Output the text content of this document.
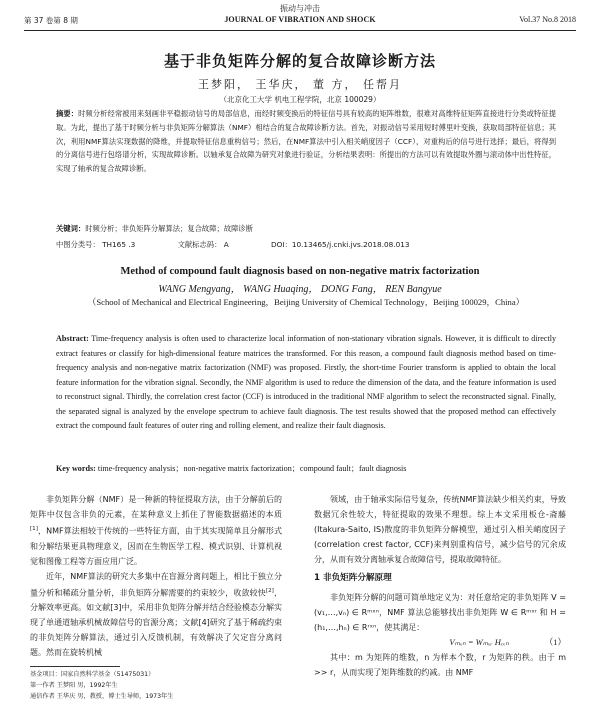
振动与冲击
第 37 卷第 8 期	JOURNAL OF VIBRATION AND SHOCK	Vol.37 No.8 2018
基于非负矩阵分解的复合故障诊断方法
王梦阳， 王华庆， 董 方， 任帮月
（北京化工大学 机电工程学院，北京 100029）
摘要：时频分析经常被用来刻画非平稳振动信号的局部信息，而经时频变换后的特征信号具有较高的矩阵维数，很难对高维特征矩阵直接进行分类或特征提取。为此，提出了基于时频分析与非负矩阵分解算法（NMF）相结合的复合故障诊断方法。首先，对振动信号采用短时傅里叶变换，获取局部特征信息；其次，利用NMF算法实现数据的降维，并提取特征信息重构信号；然后，在NMF算法中引入相关峭度因子（CCF），对重构后的信号进行选择；最后，将得到的分离信号进行包络谱分析，实现故障诊断。以轴承复合故障为研究对象进行验证，分析结果表明：所提出的方法可以有效提取外圈与滚动体中出性特征，实现了轴承的复合故障诊断。
关键词：时频分析；非负矩阵分解算法；复合故障；故障诊断
中图分类号： TH165 .3	文献标志码： A	DOI：10.13465/j.cnki.jvs.2018.08.013
Method of compound fault diagnosis based on non-negative matrix factorization
WANG Mengyang， WANG Huaqing， DONG Fang， REN Bangyue
（School of Mechanical and Electrical Engineering，Beijing University of Chemical Technology，Beijing 100029，China）
Abstract: Time-frequency analysis is often used to characterize local information of non-stationary vibration signals. However, it is difficult to directly extract features or classify for high-dimensional feature matrices the transformed. For this reason, a compound fault diagnosis method based on time-frequency analysis and non-negative matrix factorization (NMF) was proposed. Firstly, the short-time Fourier transform is applied to obtain the local feature information for the vibration signal. Secondly, the NMF algorithm is used to reduce the dimension of the data, and the feature information is used to reconstruct signal. Thirdly, the correlation crest factor (CCF) is introduced in the traditional NMF algorithm to select the reconstructed signal. Finally, the separated signal is analyzed by the envelope spectrum to achieve fault diagnosis. The test results showed that the proposed method can effectively extract the compound fault features of outer ring and rolling element, and realize their fault diagnosis.
Key words: time-frequency analysis；non-negative matrix factorization；compound fault；fault diagnosis

非负矩阵分解（NMF）是一种新的特征提取方法，由于分解前后的矩阵中仅包含非负的元素，在某种意义上抓住了智能数据描述的本质[1]，NMF算法相较于传统的一些特征方面，由于其实现简单且分解形式和分解结果更具物理意义，因而在生物医学工程、模式识别、计算机视觉和图像工程等方面应用广泛。

近年，NMF算法的研究大多集中在盲源分离问题上，相比于独立分量分析和稀疏分量分析，非负矩阵分解需要的约束较少，收敛较快[2]，分解效率更高。如文献[3]中，采用非负矩阵分解并结合经验模态分解实现了单通道轴承机械故障信号的盲源分离；文献[4]研究了基于稀疏约束的非负矩阵分解算法，通过引入反馈机制，有效解决了欠定盲分离问题。然而在旋转机械

领域，由于轴承实际信号复杂，传统NMF算法缺少相关约束，导致数据冗余性较大，特征提取的效果不理想。综上本文采用板仓-斋藤(Itakura-Saito, IS)散度的非负矩阵分解模型，通过引入相关峭度因子(correlation crest factor, CCF)来判别重构信号，减少信号的冗余成分，从而有效分离轴承复合故障信号，提取故障特征。

1 非负矩阵分解原理

非负矩阵分解的问题可简单地定义为：对任意给定的非负矩阵 V = (v₁,…,vₙ) ∈ Rᵐˣⁿ，NMF 算法总能够找出非负矩阵 W ∈ Rᵐˣʳ 和 H = (h₁,…,hₙ) ∈ Rʳˣⁿ，使其满足：

Vₘₓₙ = Wₘₓᵣ Hᵣₓₙ	（1）

其中：m 为矩阵的维数，n 为样本个数，r 为矩阵的秩。由于 m >> r，从而实现了矩阵维数的约减。由 NMF

基金项目：国家自然科学基金（51475031）
第一作者 王梦阳 男，1992年生
通信作者 王华庆 男，教授，博士生导师，1973年生
